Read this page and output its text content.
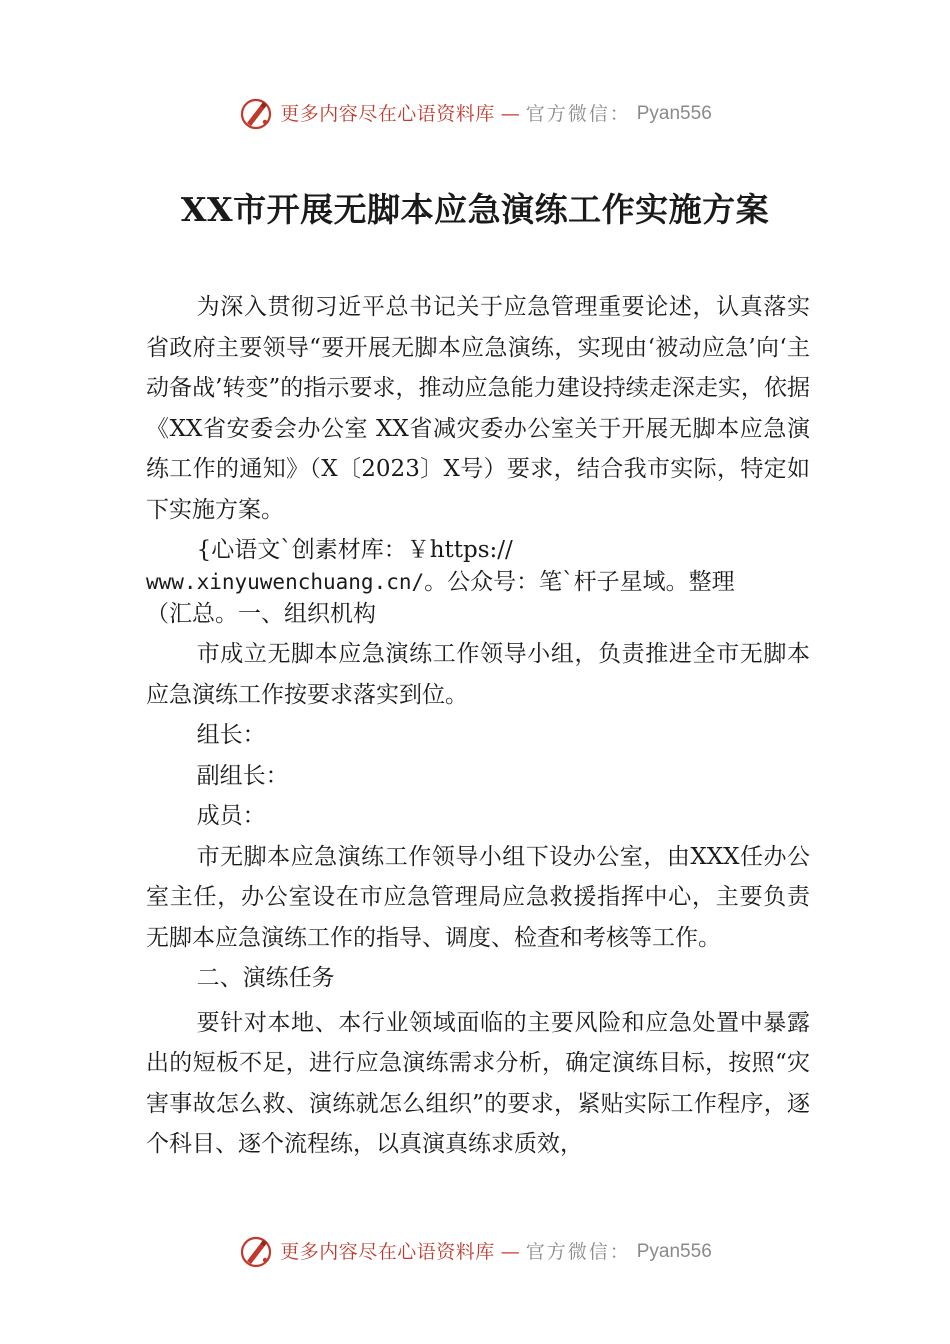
更多内容尽在心语资料库 — 官方微信： Pyan556
XX市开展无脚本应急演练工作实施方案

为深入贯彻习近平总书记关于应急管理重要论述，认真落实省政府主要领导“要开展无脚本应急演练，实现由‘被动应急’向‘主动备战’转变”的指示要求，推动应急能力建设持续走深走实，依据《XX省安委会办公室 XX省减灾委办公室关于开展无脚本应急演练工作的通知》（X〔2023〕X号）要求，结合我市实际，特定如下实施方案。

{心语文`创素材库：￥https://
www.xinyuwenchuang.cn/。公众号：笔`杆子星域。整理
（汇总。一、组织机构

市成立无脚本应急演练工作领导小组，负责推进全市无脚本应急演练工作按要求落实到位。

组长：

副组长：

成员：

市无脚本应急演练工作领导小组下设办公室，由XXX任办公室主任，办公室设在市应急管理局应急救援指挥中心，主要负责无脚本应急演练工作的指导、调度、检查和考核等工作。

二、演练任务

要针对本地、本行业领域面临的主要风险和应急处置中暴露出的短板不足，进行应急演练需求分析，确定演练目标，按照“灾害事故怎么救、演练就怎么组织”的要求，紧贴实际工作程序，逐个科目、逐个流程练，以真演真练求质效，

更多内容尽在心语资料库 — 官方微信： Pyan556
